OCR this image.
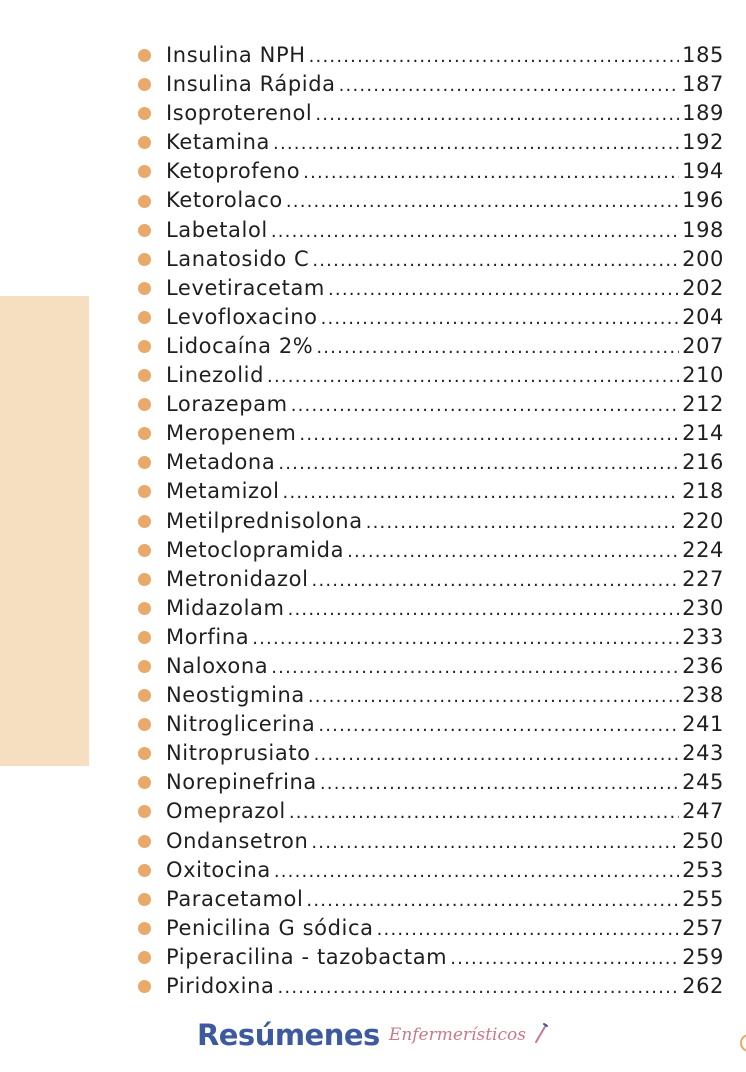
Insulina NPH .....	185
Insulina Rápida .....	187
Isoproterenol .....	189
Ketamina .....	192
Ketoprofeno .....	194
Ketorolaco .....	196
Labetalol .....	198
Lanatosido C .....	200
Levetiracetam .....	202
Levofloxacino .....	204
Lidocaína 2% .....	207
Linezolid .....	210
Lorazepam .....	212
Meropenem .....	214
Metadona .....	216
Metamizol .....	218
Metilprednisolona .....	220
Metoclopramida .....	224
Metronidazol .....	227
Midazolam .....	230
Morfina .....	233
Naloxona .....	236
Neostigmina .....	238
Nitroglicerina .....	241
Nitroprusiato .....	243
Norepinefrina .....	245
Omeprazol .....	247
Ondansetron .....	250
Oxitocina .....	253
Paracetamol .....	255
Penicilina G sódica .....	257
Piperacilina - tazobactam .....	259
Piridoxina .....	262
Resúmenes Enfermerísticos
